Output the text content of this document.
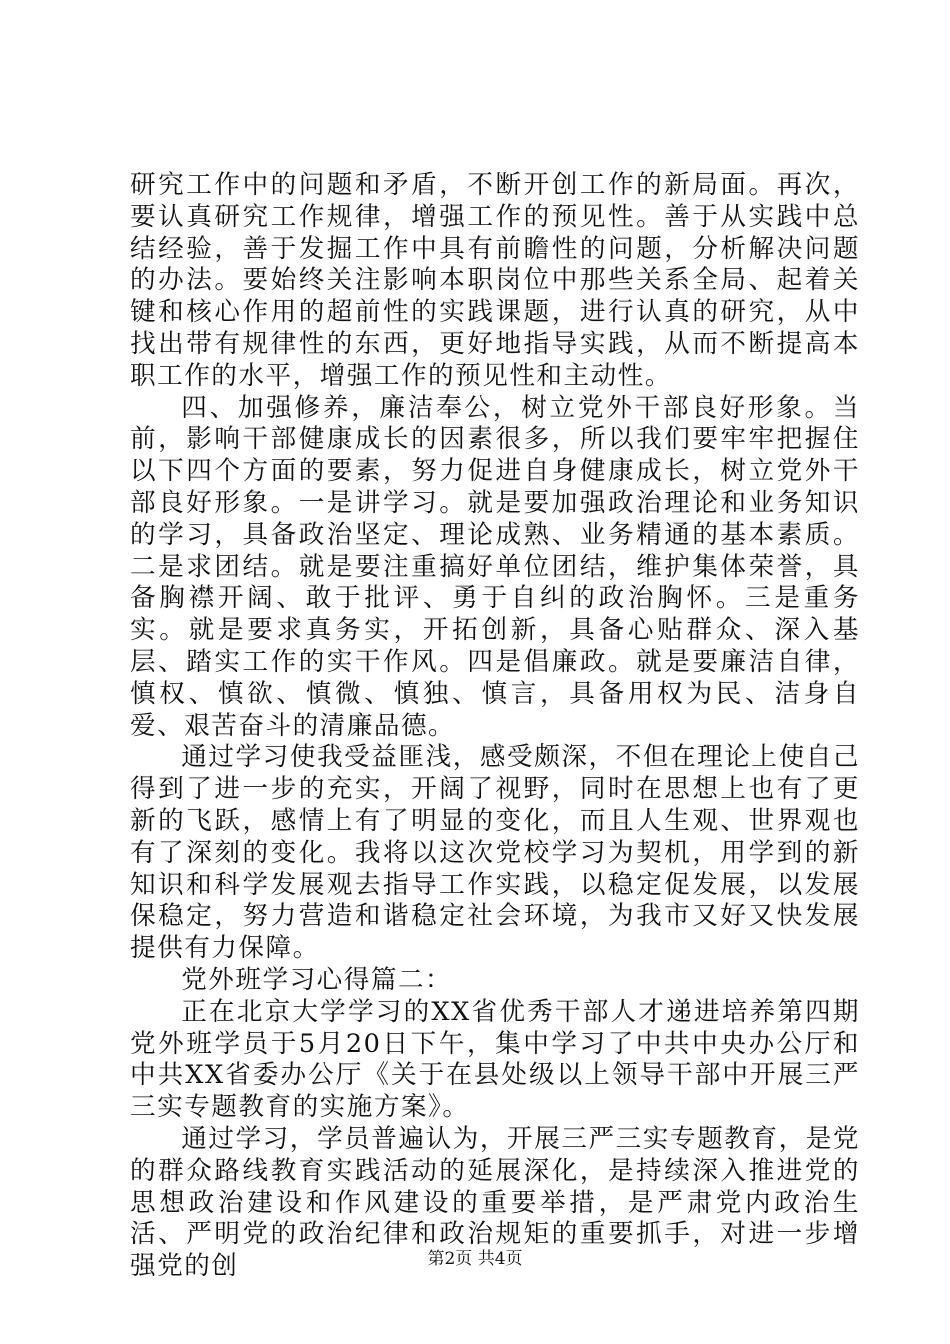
研究工作中的问题和矛盾，不断开创工作的新局面。再次，要认真研究工作规律，增强工作的预见性。善于从实践中总结经验，善于发掘工作中具有前瞻性的问题，分析解决问题的办法。要始终关注影响本职岗位中那些关系全局、起着关键和核心作用的超前性的实践课题，进行认真的研究，从中找出带有规律性的东西，更好地指导实践，从而不断提高本职工作的水平，增强工作的预见性和主动性。

四、加强修养，廉洁奉公，树立党外干部良好形象。当前，影响干部健康成长的因素很多，所以我们要牢牢把握住以下四个方面的要素，努力促进自身健康成长，树立党外干部良好形象。一是讲学习。就是要加强政治理论和业务知识的学习，具备政治坚定、理论成熟、业务精通的基本素质。二是求团结。就是要注重搞好单位团结，维护集体荣誉，具备胸襟开阔、敢于批评、勇于自纠的政治胸怀。三是重务实。就是要求真务实，开拓创新，具备心贴群众、深入基层、踏实工作的实干作风。四是倡廉政。就是要廉洁自律，慎权、慎欲、慎微、慎独、慎言，具备用权为民、洁身自爱、艰苦奋斗的清廉品德。

通过学习使我受益匪浅，感受颇深，不但在理论上使自己得到了进一步的充实，开阔了视野，同时在思想上也有了更新的飞跃，感情上有了明显的变化，而且人生观、世界观也有了深刻的变化。我将以这次党校学习为契机，用学到的新知识和科学发展观去指导工作实践，以稳定促发展，以发展保稳定，努力营造和谐稳定社会环境，为我市又好又快发展提供有力保障。

党外班学习心得篇二：

正在北京大学学习的XX省优秀干部人才递进培养第四期党外班学员于5月20日下午，集中学习了中共中央办公厅和中共XX省委办公厅《关于在县处级以上领导干部中开展三严三实专题教育的实施方案》。

通过学习，学员普遍认为，开展三严三实专题教育，是党的群众路线教育实践活动的延展深化，是持续深入推进党的思想政治建设和作风建设的重要举措，是严肃党内政治生活、严明党的政治纪律和政治规矩的重要抓手，对进一步增强党的创	第2页 共4页
